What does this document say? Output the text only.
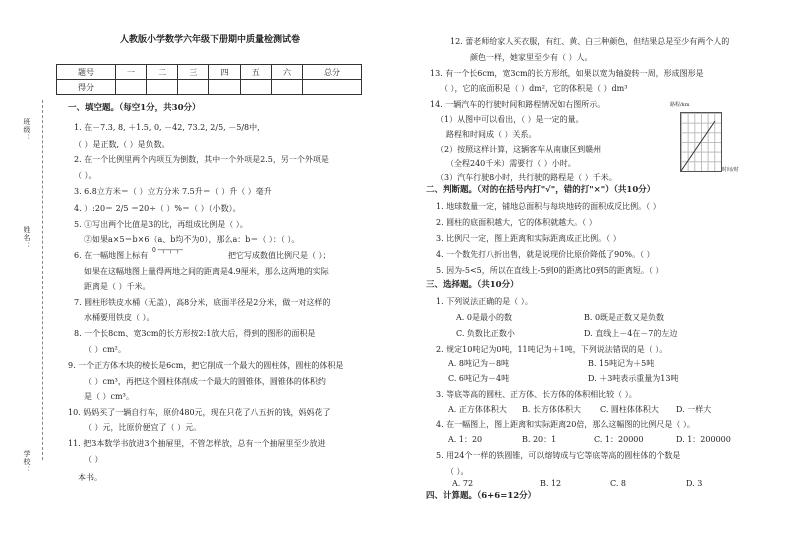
人教版小学数学六年级下册期中质量检测试卷
题号	一	二	三	四	五	六	总分
得分							
班级：
姓名：
学校：
一、填空题。（每空1分，共30分）
1. 在－7.3, 8, ＋1.5, 0, －42, 73.2, 2/5, －5/8中,
（ ）是正数,（ ）是负数。
2. 在一个比例里两个内项互为倒数，其中一个外项是2.5，另一个外项是
（ ）。
3. 6.8立方米＝（ ）立方分米 7.5升＝（ ）升（ ）毫升
4. ）:20＝ 2/5 ＝20÷（ ）%＝（ ）（小数）。
5. ①写出两个比值是3的比，再组成比例是（ ）。
②如果a×5＝b×6（a、b均不为0），那么a：b＝（ ）：（ ）。
6. 在一幅地图上标有
0 ─┬─┬─┬─
把它写成数值比例尺是（ ）；
如果在这幅地图上量得两地之间的距离是4.9厘米，那么这两地的实际
距离是（ ）千米。
7. 圆柱形铁皮水桶（无盖），高8分米，底面半径是2分米，做一对这样的
水桶要用铁皮（ ）。
8. 一个长8cm、宽3cm的长方形按2:1放大后，得到的图形的面积是
（ ）cm²。
9. 一个正方体木块的棱长是6cm，把它削成一个最大的圆柱体，圆柱的体积是
（ ）cm³，再把这个圆柱体削成一个最大的圆锥体，圆锥体的体积约
是（ ）cm³。
10. 妈妈买了一辆自行车，原价480元，现在只花了八五折的钱，妈妈花了
（ ）元，比原价便宜了（ ）元。
11. 把3本数学书放进3个抽屉里，不管怎样放，总有一个抽屉里至少放进
（ ）
本书。
12. 蕾老师给家人买衣服，有红、黄、白三种颜色，但结果总是至少有两个人的
颜色一样，她家里至少有（ ）人。
13. 有一个长6cm，宽3cm的长方形纸，如果以宽为轴旋转一周，形成图形是
（ ），它的底面积是（ ）dm²，它的体积是（ ）dm³
14. 一辆汽车的行驶时间和路程情况如右图所示。
（1）从图中可以看出，（ ）是一定的量。
路程和时间成（ ）关系。
（2）按照这样计算，这辆客车从南康区到赣州
（全程240千米）需要行（ ）小时。
（3）汽车行驶8小时，共行驶的路程是（ ）千米。
路程/km
时间/时
二、判断题。（对的在括号内打"√"，错的打"×"）（共10分）
1. 地球数量一定，铺地总面积与每块地砖的面积成反比例。（ ）
2. 圆柱的底面积越大，它的体积就越大。（ ）
3. 比例尺一定，图上距离和实际距离成正比例。（ ）
4. 一个数先打八折出售，就是说现价比原价降低了90%。（ ）
5. 因为-5<5，所以在直线上-5到0的距离比0到5的距离短。（ ）
三、选择题。（共10分）
1. 下列说法正确的是（ ）。
A. 0是最小的数	B. 0既是正数又是负数
C. 负数比正数小	D. 直线上－4在－7的左边
2. 规定10吨记为0吨，11吨记为＋1吨，下列说法错误的是（ ）。
A. 8吨记为－8吨	B. 15吨记为＋5吨
C. 6吨记为－4吨	D. ＋3吨表示重量为13吨
3. 等底等高的圆柱、正方体、长方体的体积相比较（ ）。
A. 正方体体积大 B. 长方体体积大 C. 圆柱体体积大 D. 一样大
4. 在一幅图上，图上距离和实际距离20倍，那么这幅图的比例尺是（ ）。
A. 1：20	B. 20：1	C. 1：20000	D. 1：200000
5. 用24个一样的铁圆锥，可以熔铸成与它等底等高的圆柱体的个数是
（ ）。
A. 72	B. 12	C. 8	D. 3
四、计算题。（6+6=12分）
